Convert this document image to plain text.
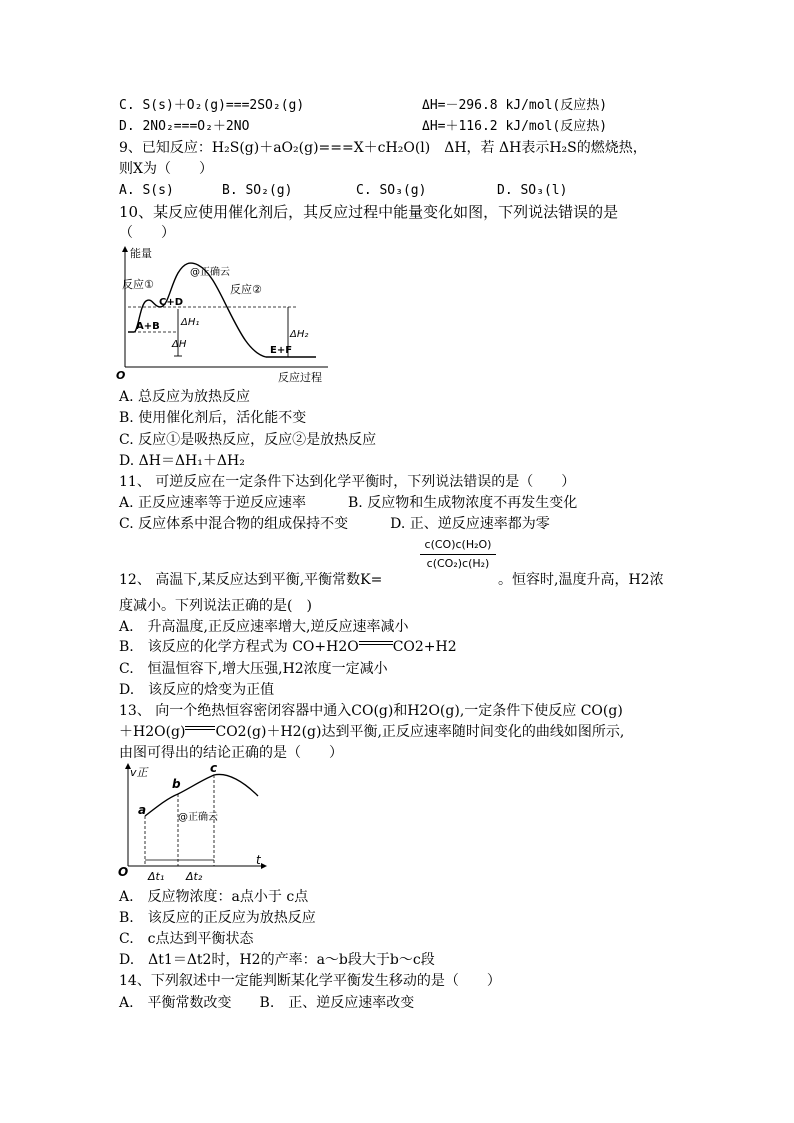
C. S(s)＋O₂(g)===2SO₂(g)	ΔH=－296.8 kJ/mol(反应热)
D. 2NO₂===O₂＋2NO	ΔH=＋116.2 kJ/mol(反应热)
9、已知反应：H₂S(g)＋aO₂(g)===X＋cH₂O(l)　ΔH，若 ΔH表示H₂S的燃烧热，
则X为（　　）
A. S(s)	B. SO₂(g)	C. SO₃(g)	D. SO₃(l)
10、某反应使用催化剂后，其反应过程中能量变化如图，下列说法错误的是
（　　）
能量
O	反应过程
反应①	反应②
@正确云
C+D
A+B
E+F
ΔH₁
ΔH
ΔH₂
A. 总反应为放热反应
B. 使用催化剂后，活化能不变
C. 反应①是吸热反应，反应②是放热反应
D. ΔH＝ΔH₁＋ΔH₂
11、 可逆反应在一定条件下达到化学平衡时，下列说法错误的是（　　）
A. 正反应速率等于逆反应速率　　　B. 反应物和生成物浓度不再发生变化
C. 反应体系中混合物的组成保持不变　　　D. 正、逆反应速率都为零
c(CO)c(H₂O)
c(CO₂)c(H₂)
12、 高温下,某反应达到平衡,平衡常数K=	。恒容时,温度升高，H2浓
度减小。下列说法正确的是(　)
A.　升高温度,正反应速率增大,逆反应速率减小
B.　该反应的化学方程式为 CO+H2O CO2+H2
C.　恒温恒容下,增大压强,H2浓度一定减小
D.　该反应的焓变为正值
13、 向一个绝热恒容密闭容器中通入CO(g)和H2O(g),一定条件下使反应 CO(g)
＋H2O(g) CO2(g)＋H2(g)达到平衡,正反应速率随时间变化的曲线如图所示,
由图可得出的结论正确的是（　　）
v正
O
t
a
b
c
@正确云
Δt₁ Δt₂
A.　反应物浓度：a点小于 c点
B.　该反应的正反应为放热反应
C.　c点达到平衡状态
D.　Δt1＝Δt2时，H2的产率：a～b段大于b～c段
14、下列叙述中一定能判断某化学平衡发生移动的是（　　）
A.　平衡常数改变　　B.　正、逆反应速率改变
